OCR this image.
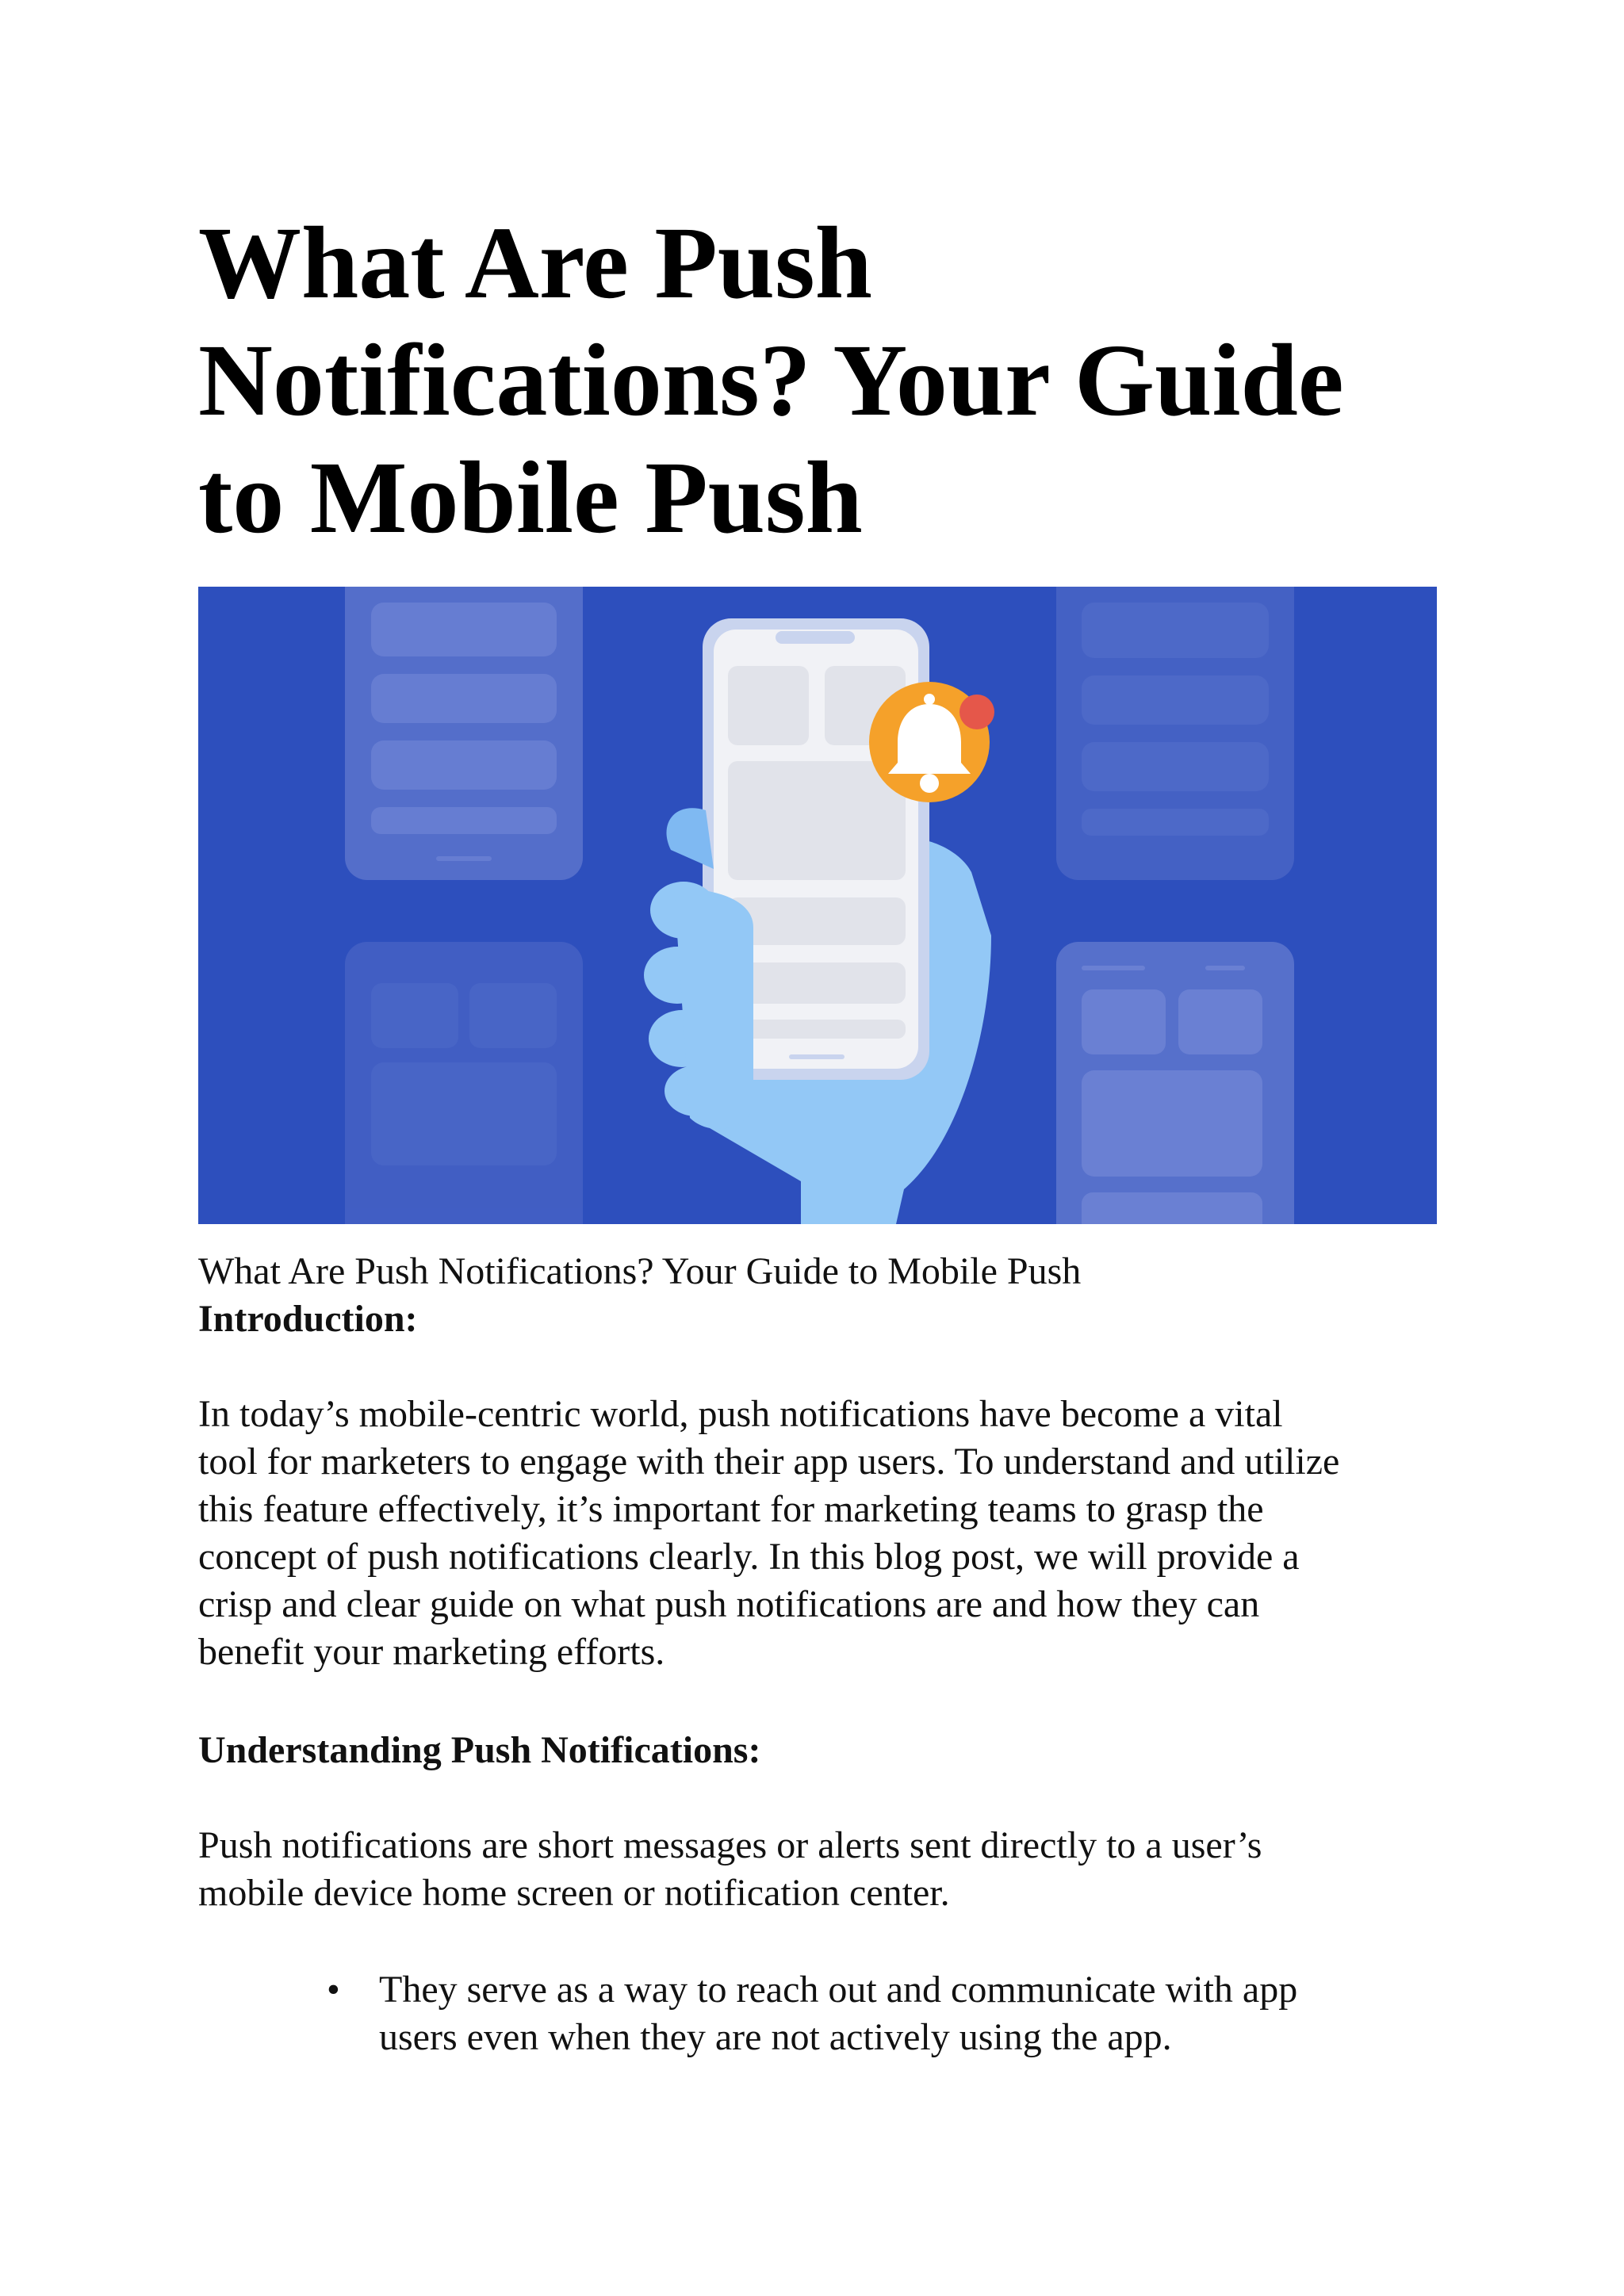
What Are Push
Notifications? Your Guide
to Mobile Push
What Are Push Notifications? Your Guide to Mobile Push
Introduction:
In today’s mobile-centric world, push notifications have become a vital
tool for marketers to engage with their app users. To understand and utilize
this feature effectively, it’s important for marketing teams to grasp the
concept of push notifications clearly. In this blog post, we will provide a
crisp and clear guide on what push notifications are and how they can
benefit your marketing efforts.
Understanding Push Notifications:
Push notifications are short messages or alerts sent directly to a user’s
mobile device home screen or notification center.
• They serve as a way to reach out and communicate with app
users even when they are not actively using the app.
